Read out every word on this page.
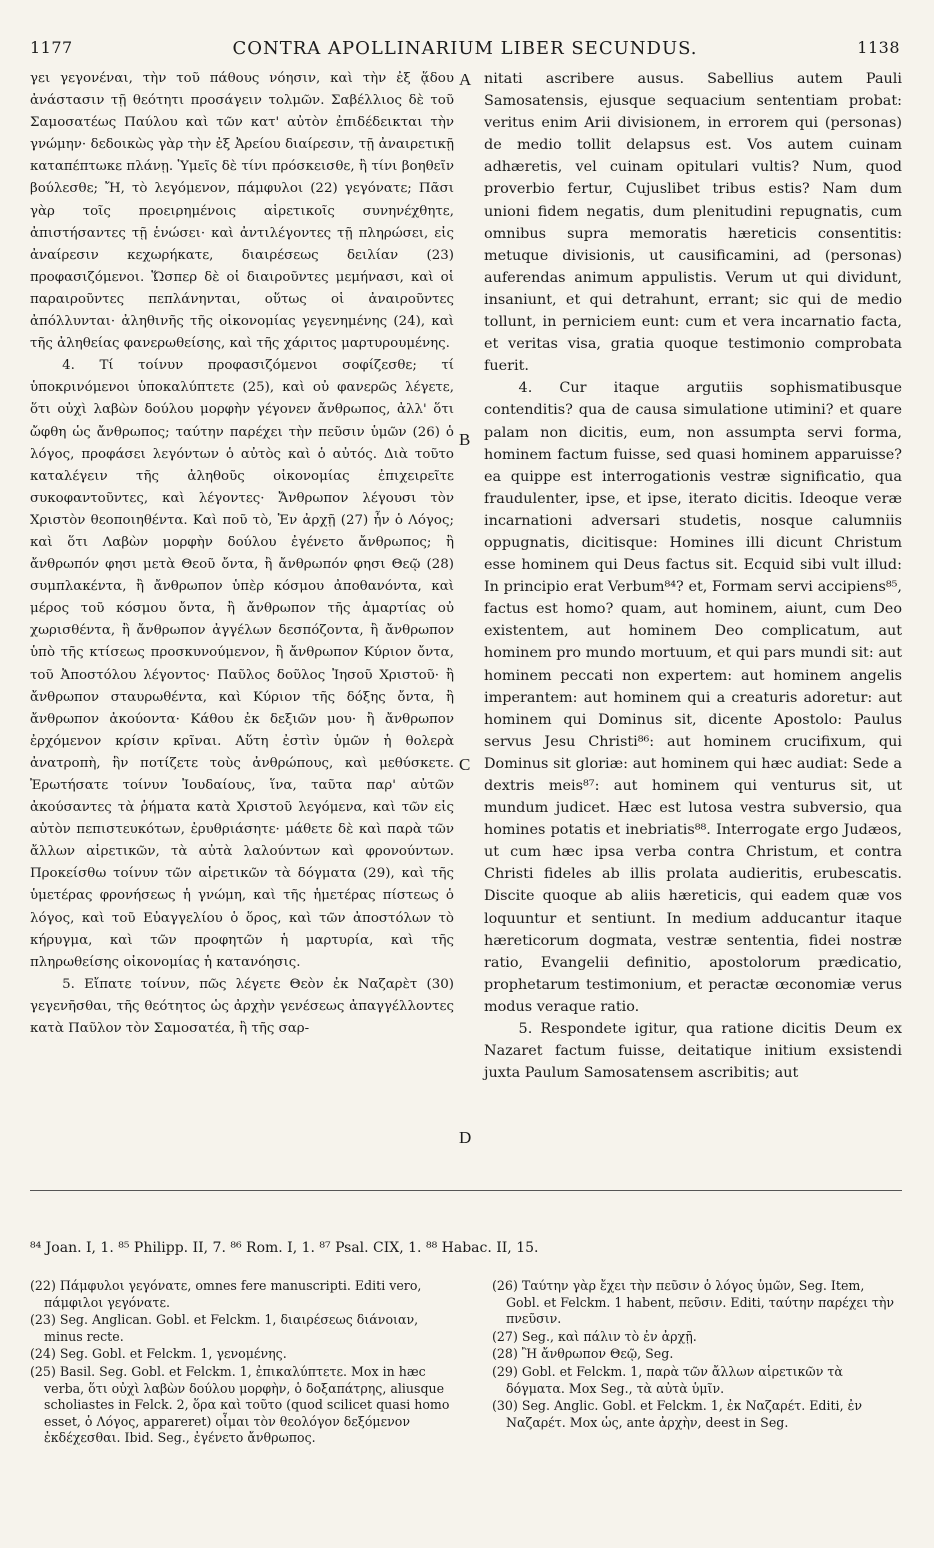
1177	CONTRA APOLLINARIUM LIBER SECUNDUS.	1138
A
B
C
D

γει γεγονέναι, τὴν τοῦ πάθους νόησιν, καὶ τὴν ἐξ ᾅδου ἀνάστασιν τῇ θεότητι προσάγειν τολμῶν. Σαβέλλιος δὲ τοῦ Σαμοσατέως Παύλου καὶ τῶν κατ' αὐτὸν ἐπιδέδεικται τὴν γνώμην· δεδοικὼς γὰρ τὴν ἐξ Ἀρείου διαίρεσιν, τῇ ἀναιρετικῇ καταπέπτωκε πλάνῃ. Ὑμεῖς δὲ τίνι πρόσκεισθε, ἢ τίνι βοηθεῖν βούλεσθε; Ἤ, τὸ λεγόμενον, πάμφυλοι (22) γεγόνατε; Πᾶσι γὰρ τοῖς προειρημένοις αἱρετικοῖς συνηνέχθητε, ἀπιστήσαντες τῇ ἑνώσει· καὶ ἀντιλέγοντες τῇ πληρώσει, εἰς ἀναίρεσιν κεχωρήκατε, διαιρέσεως δειλίαν (23) προφασιζόμενοι. Ὥσπερ δὲ οἱ διαιροῦντες μεμήνασι, καὶ οἱ παραιροῦντες πεπλάνηνται, οὕτως οἱ ἀναιροῦντες ἀπόλλυνται· ἀληθινῆς τῆς οἰκονομίας γεγενημένης (24), καὶ τῆς ἀληθείας φανερωθείσης, καὶ τῆς χάριτος μαρτυρουμένης.

4. Τί τοίνυν προφασιζόμενοι σοφίζεσθε; τί ὑποκρινόμενοι ὑποκαλύπτετε (25), καὶ οὐ φανερῶς λέγετε, ὅτι οὐχὶ λαβὼν δούλου μορφὴν γέγονεν ἄνθρωπος, ἀλλ' ὅτι ὤφθη ὡς ἄνθρωπος; ταύτην παρέχει τὴν πεῦσιν ὑμῶν (26) ὁ λόγος, προφάσει λεγόντων ὁ αὐτὸς καὶ ὁ αὐτός. Διὰ τοῦτο καταλέγειν τῆς ἀληθοῦς οἰκονομίας ἐπιχειρεῖτε συκοφαντοῦντες, καὶ λέγοντες· Ἄνθρωπον λέγουσι τὸν Χριστὸν θεοποιηθέντα. Καὶ ποῦ τὸ, Ἐν ἀρχῇ (27) ἦν ὁ Λόγος; καὶ ὅτι Λαβὼν μορφὴν δούλου ἐγένετο ἄνθρωπος; ἢ ἄνθρωπόν φησι μετὰ Θεοῦ ὄντα, ἢ ἄνθρωπόν φησι Θεῷ (28) συμπλακέντα, ἢ ἄνθρωπον ὑπὲρ κόσμου ἀποθανόντα, καὶ μέρος τοῦ κόσμου ὄντα, ἢ ἄνθρωπον τῆς ἁμαρτίας οὐ χωρισθέντα, ἢ ἄνθρωπον ἀγγέλων δεσπόζοντα, ἢ ἄνθρωπον ὑπὸ τῆς κτίσεως προσκυνούμενον, ἢ ἄνθρωπον Κύριον ὄντα, τοῦ Ἀποστόλου λέγοντος· Παῦλος δοῦλος Ἰησοῦ Χριστοῦ· ἢ ἄνθρωπον σταυρωθέντα, καὶ Κύριον τῆς δόξης ὄντα, ἢ ἄνθρωπον ἀκούοντα· Κάθου ἐκ δεξιῶν μου· ἢ ἄνθρωπον ἐρχόμενον κρίσιν κρῖναι. Αὕτη ἐστὶν ὑμῶν ἡ θολερὰ ἀνατροπὴ, ἣν ποτίζετε τοὺς ἀνθρώπους, καὶ μεθύσκετε. Ἐρωτήσατε τοίνυν Ἰουδαίους, ἵνα, ταῦτα παρ' αὐτῶν ἀκούσαντες τὰ ῥήματα κατὰ Χριστοῦ λεγόμενα, καὶ τῶν εἰς αὐτὸν πεπιστευκότων, ἐρυθριάσητε· μάθετε δὲ καὶ παρὰ τῶν ἄλλων αἱρετικῶν, τὰ αὐτὰ λαλούντων καὶ φρονούντων. Προκείσθω τοίνυν τῶν αἱρετικῶν τὰ δόγματα (29), καὶ τῆς ὑμετέρας φρονήσεως ἡ γνώμη, καὶ τῆς ἡμετέρας πίστεως ὁ λόγος, καὶ τοῦ Εὐαγγελίου ὁ ὅρος, καὶ τῶν ἀποστόλων τὸ κήρυγμα, καὶ τῶν προφητῶν ἡ μαρτυρία, καὶ τῆς πληρωθείσης οἰκονομίας ἡ κατανόησις.

5. Εἴπατε τοίνυν, πῶς λέγετε Θεὸν ἐκ Ναζαρὲτ (30) γεγενῆσθαι, τῆς θεότητος ὡς ἀρχὴν γενέσεως ἀπαγγέλλοντες κατὰ Παῦλον τὸν Σαμοσατέα, ἢ τῆς σαρ-

nitati ascribere ausus. Sabellius autem Pauli Samosatensis, ejusque sequacium sententiam probat: veritus enim Arii divisionem, in errorem qui (personas) de medio tollit delapsus est. Vos autem cuinam adhæretis, vel cuinam opitulari vultis? Num, quod proverbio fertur, Cujuslibet tribus estis? Nam dum unioni fidem negatis, dum plenitudini repugnatis, cum omnibus supra memoratis hæreticis consentitis: metuque divisionis, ut causificamini, ad (personas) auferendas animum appulistis. Verum ut qui dividunt, insaniunt, et qui detrahunt, errant; sic qui de medio tollunt, in perniciem eunt: cum et vera incarnatio facta, et veritas visa, gratia quoque testimonio comprobata fuerit.

4. Cur itaque argutiis sophismatibusque contenditis? qua de causa simulatione utimini? et quare palam non dicitis, eum, non assumpta servi forma, hominem factum fuisse, sed quasi hominem apparuisse? ea quippe est interrogationis vestræ significatio, qua fraudulenter, ipse, et ipse, iterato dicitis. Ideoque veræ incarnationi adversari studetis, nosque calumniis oppugnatis, dicitisque: Homines illi dicunt Christum esse hominem qui Deus factus sit. Ecquid sibi vult illud: In principio erat Verbum⁸⁴? et, Formam servi accipiens⁸⁵, factus est homo? quam, aut hominem, aiunt, cum Deo existentem, aut hominem Deo complicatum, aut hominem pro mundo mortuum, et qui pars mundi sit: aut hominem peccati non expertem: aut hominem angelis imperantem: aut hominem qui a creaturis adoretur: aut hominem qui Dominus sit, dicente Apostolo: Paulus servus Jesu Christi⁸⁶: aut hominem crucifixum, qui Dominus sit gloriæ: aut hominem qui hæc audiat: Sede a dextris meis⁸⁷: aut hominem qui venturus sit, ut mundum judicet. Hæc est lutosa vestra subversio, qua homines potatis et inebriatis⁸⁸. Interrogate ergo Judæos, ut cum hæc ipsa verba contra Christum, et contra Christi fideles ab illis prolata audieritis, erubescatis. Discite quoque ab aliis hæreticis, qui eadem quæ vos loquuntur et sentiunt. In medium adducantur itaque hæreticorum dogmata, vestræ sententia, fidei nostræ ratio, Evangelii definitio, apostolorum prædicatio, prophetarum testimonium, et peractæ œconomiæ verus modus veraque ratio.

5. Respondete igitur, qua ratione dicitis Deum ex Nazaret factum fuisse, deitatique initium exsistendi juxta Paulum Samosatensem ascribitis; aut

⁸⁴ Joan. I, 1. ⁸⁵ Philipp. II, 7. ⁸⁶ Rom. I, 1. ⁸⁷ Psal. CIX, 1. ⁸⁸ Habac. II, 15.

(22) Πάμφυλοι γεγόνατε, omnes fere manuscripti. Editi vero, πάμφιλοι γεγόνατε.

(23) Seg. Anglican. Gobl. et Felckm. 1, διαιρέσεως διάνοιαν, minus recte.

(24) Seg. Gobl. et Felckm. 1, γενομένης.

(25) Basil. Seg. Gobl. et Felckm. 1, ἐπικαλύπτετε. Mox in hæc verba, ὅτι οὐχὶ λαβὼν δούλου μορφὴν, ὁ δοξαπάτρης, aliusque scholiastes in Felck. 2, ὅρα καὶ τοῦτο (quod scilicet quasi homo esset, ὁ Λόγος, appareret) οἶμαι τὸν θεολόγον δεξόμενον ἐκδέχεσθαι. Ibid. Seg., ἐγένετο ἄνθρωπος.

(26) Ταύτην γὰρ ἔχει τὴν πεῦσιν ὁ λόγος ὑμῶν, Seg. Item, Gobl. et Felckm. 1 habent, πεῦσιν. Editi, ταύτην παρέχει τὴν πνεῦσιν.

(27) Seg., καὶ πάλιν τὸ ἐν ἀρχῇ.

(28) Ἢ ἄνθρωπον Θεῷ, Seg.

(29) Gobl. et Felckm. 1, παρὰ τῶν ἄλλων αἱρετικῶν τὰ δόγματα. Mox Seg., τὰ αὐτὰ ὑμῖν.

(30) Seg. Anglic. Gobl. et Felckm. 1, ἐκ Ναζαρέτ. Editi, ἐν Ναζαρέτ. Mox ὡς, ante ἀρχὴν, deest in Seg.
